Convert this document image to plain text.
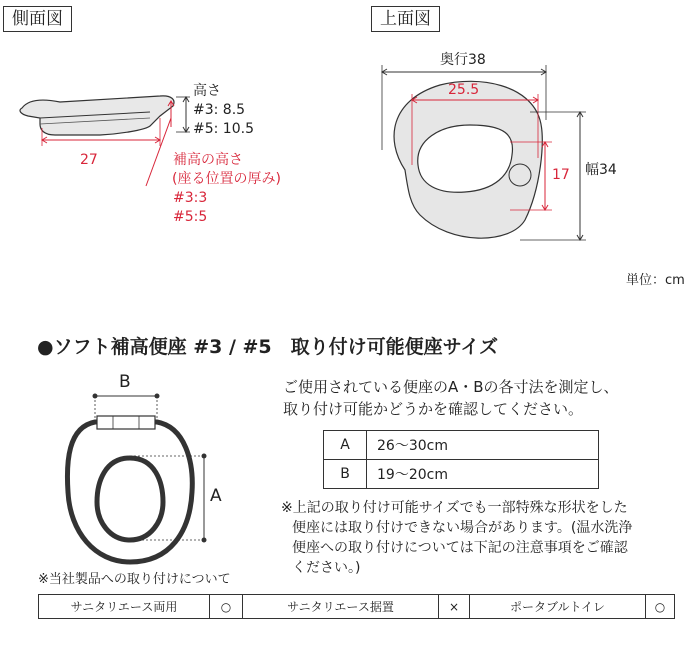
側面図
高さ
#3: 8.5
#5: 10.5
27	補高の高さ
(座る位置の厚み)
#3:3
#5:5
上面図
奥行38
25.5
17 幅34
単位：cm
●ソフト補高便座 #3 / #5　取り付け可能便座サイズ
B
A
ご使用されている便座のA・Bの各寸法を測定し、
取り付け可能かどうかを確認してください。
A	26～30cm
B	19～20cm
※上記の取り付け可能サイズでも一部特殊な形状をした
便座には取り付けできない場合があります。(温水洗浄
便座への取り付けについては下記の注意事項をご確認
ください。)
※当社製品への取り付けについて
サニタリエース両用	○	サニタリエース据置	×	ポータブルトイレ	○
